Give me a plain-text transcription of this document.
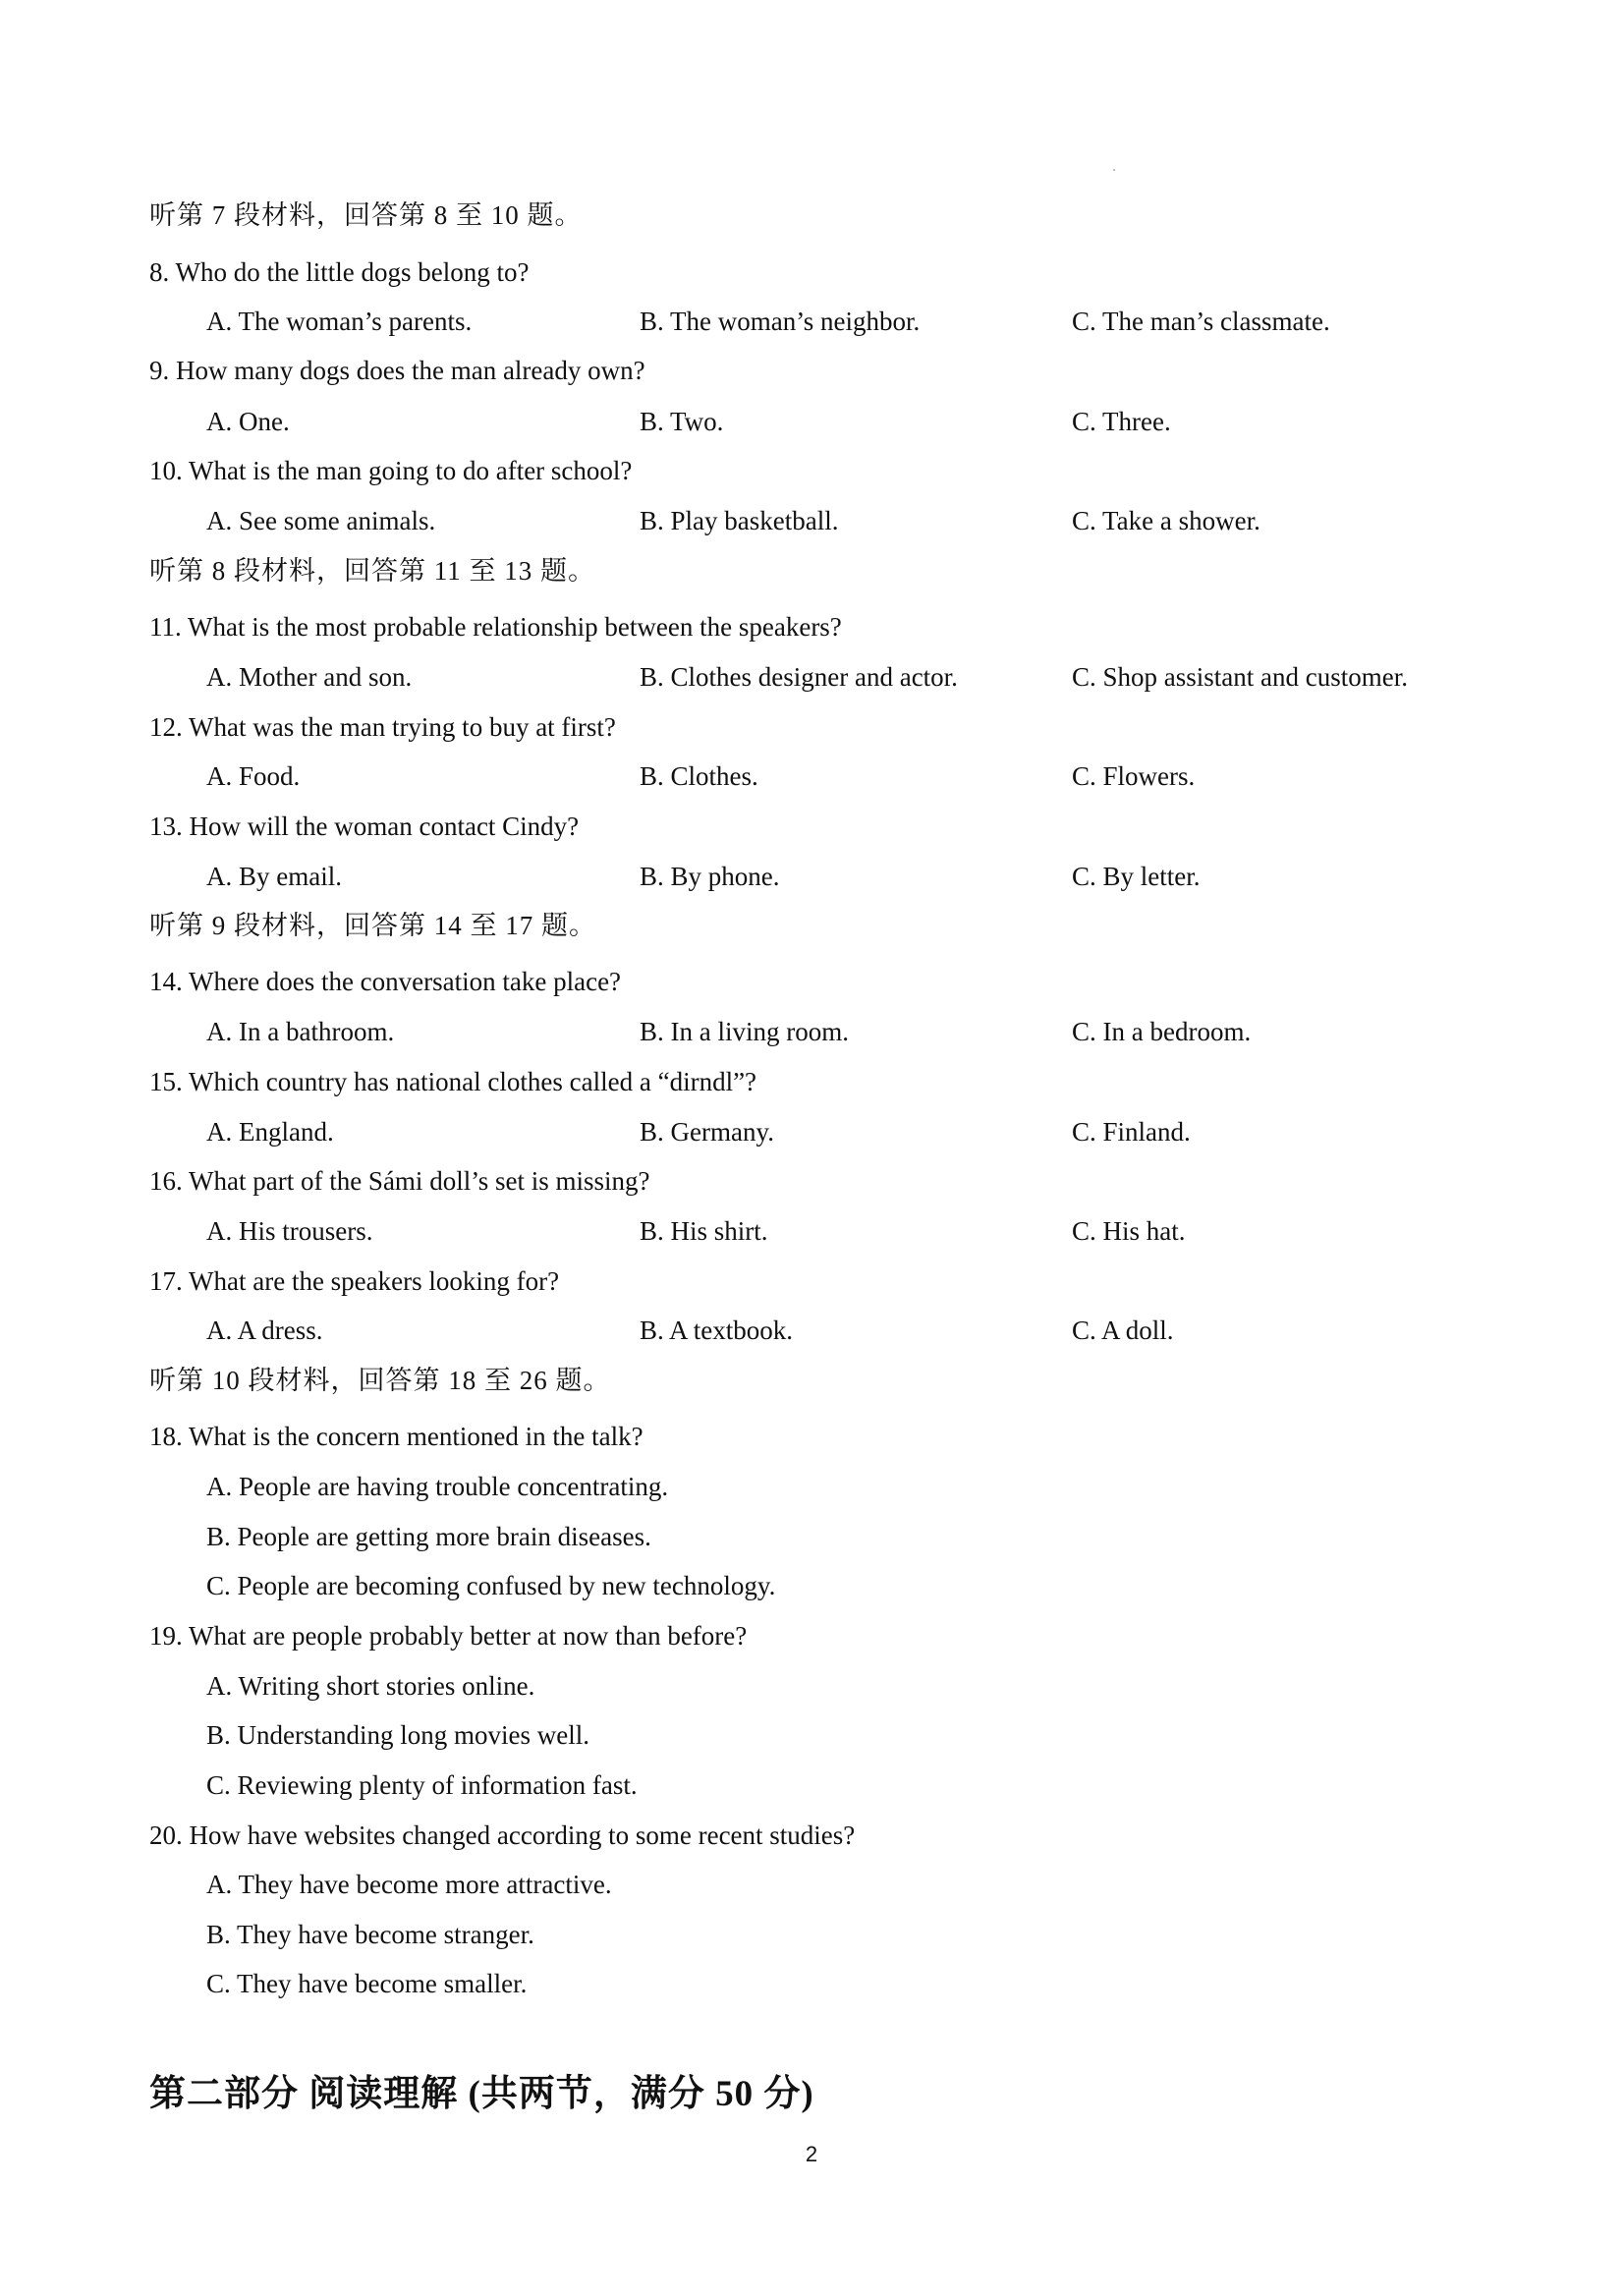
听第 7 段材料，回答第 8 至 10 题。
8. Who do the little dogs belong to?
A. The woman’s parents.	B. The woman’s neighbor.	C. The man’s classmate.
9. How many dogs does the man already own?
A. One.	B. Two.	C. Three.
10. What is the man going to do after school?
A. See some animals.	B. Play basketball.	C. Take a shower.
听第 8 段材料，回答第 11 至 13 题。
11. What is the most probable relationship between the speakers?
A. Mother and son.	B. Clothes designer and actor.	C. Shop assistant and customer.
12. What was the man trying to buy at first?
A. Food.	B. Clothes.	C. Flowers.
13. How will the woman contact Cindy?
A. By email.	B. By phone.	C. By letter.
听第 9 段材料，回答第 14 至 17 题。
14. Where does the conversation take place?
A. In a bathroom.	B. In a living room.	C. In a bedroom.
15. Which country has national clothes called a “dirndl”?
A. England.	B. Germany.	C. Finland.
16. What part of the Sámi doll’s set is missing?
A. His trousers.	B. His shirt.	C. His hat.
17. What are the speakers looking for?
A. A dress.	B. A textbook.	C. A doll.
听第 10 段材料，回答第 18 至 26 题。
18. What is the concern mentioned in the talk?
A. People are having trouble concentrating.
B. People are getting more brain diseases.
C. People are becoming confused by new technology.
19. What are people probably better at now than before?
A. Writing short stories online.
B. Understanding long movies well.
C. Reviewing plenty of information fast.
20. How have websites changed according to some recent studies?
A. They have become more attractive.
B. They have become stranger.
C. They have become smaller.
第二部分 阅读理解 (共两节，满分 50 分)
2
